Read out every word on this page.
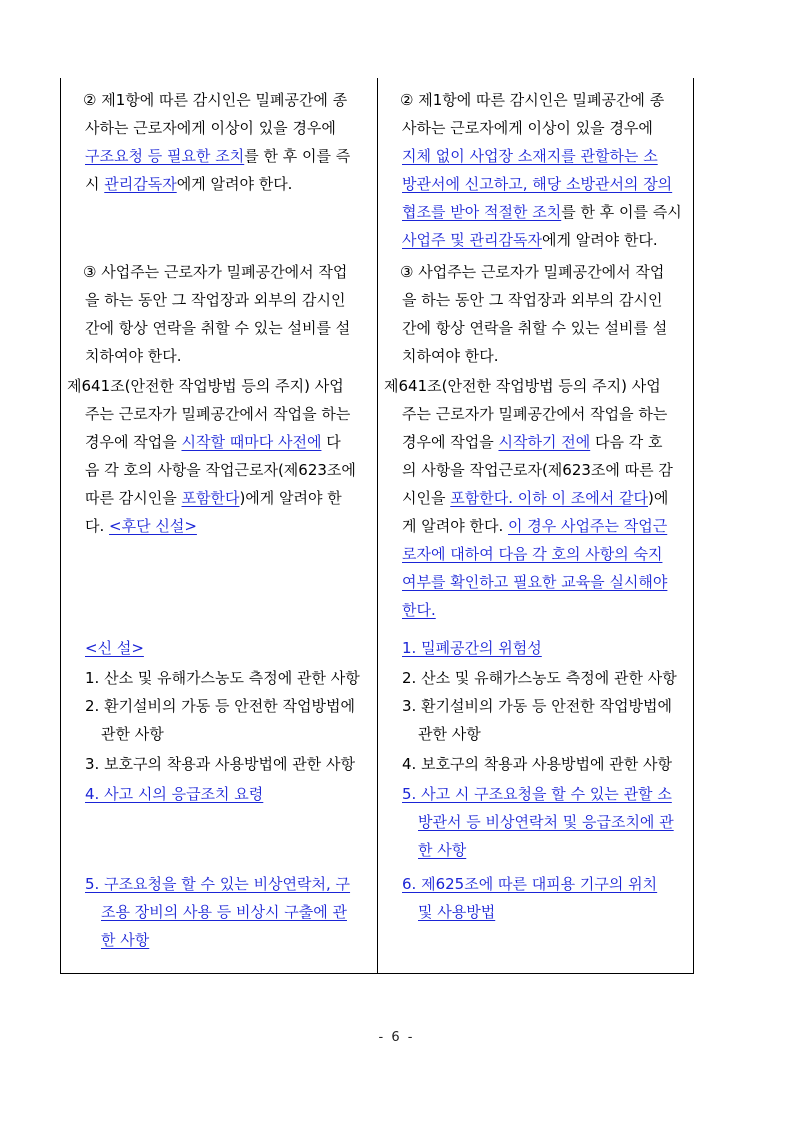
② 제1항에 따른 감시인은 밀폐공간에 종
사하는 근로자에게 이상이 있을 경우에
구조요청 등 필요한 조치를 한 후 이를 즉
시 관리감독자에게 알려야 한다.
③ 사업주는 근로자가 밀폐공간에서 작업
을 하는 동안 그 작업장과 외부의 감시인
간에 항상 연락을 취할 수 있는 설비를 설
치하여야 한다.
제641조(안전한 작업방법 등의 주지) 사업
주는 근로자가 밀폐공간에서 작업을 하는
경우에 작업을 시작할 때마다 사전에 다
음 각 호의 사항을 작업근로자(제623조에
따른 감시인을 포함한다)에게 알려야 한
다. <후단 신설>
<신 설>
1. 산소 및 유해가스농도 측정에 관한 사항
2. 환기설비의 가동 등 안전한 작업방법에
관한 사항
3. 보호구의 착용과 사용방법에 관한 사항
4. 사고 시의 응급조치 요령
5. 구조요청을 할 수 있는 비상연락처, 구
조용 장비의 사용 등 비상시 구출에 관
한 사항
② 제1항에 따른 감시인은 밀폐공간에 종
사하는 근로자에게 이상이 있을 경우에
지체 없이 사업장 소재지를 관할하는 소
방관서에 신고하고, 해당 소방관서의 장의
협조를 받아 적절한 조치를 한 후 이를 즉시
사업주 및 관리감독자에게 알려야 한다.
③ 사업주는 근로자가 밀폐공간에서 작업
을 하는 동안 그 작업장과 외부의 감시인
간에 항상 연락을 취할 수 있는 설비를 설
치하여야 한다.
제641조(안전한 작업방법 등의 주지) 사업
주는 근로자가 밀폐공간에서 작업을 하는
경우에 작업을 시작하기 전에 다음 각 호
의 사항을 작업근로자(제623조에 따른 감
시인을 포함한다. 이하 이 조에서 같다)에
게 알려야 한다. 이 경우 사업주는 작업근
로자에 대하여 다음 각 호의 사항의 숙지
여부를 확인하고 필요한 교육을 실시해야
한다.
1. 밀폐공간의 위험성
2. 산소 및 유해가스농도 측정에 관한 사항
3. 환기설비의 가동 등 안전한 작업방법에
관한 사항
4. 보호구의 착용과 사용방법에 관한 사항
5. 사고 시 구조요청을 할 수 있는 관할 소
방관서 등 비상연락처 및 응급조치에 관
한 사항
6. 제625조에 따른 대피용 기구의 위치
및 사용방법
- 6 -
